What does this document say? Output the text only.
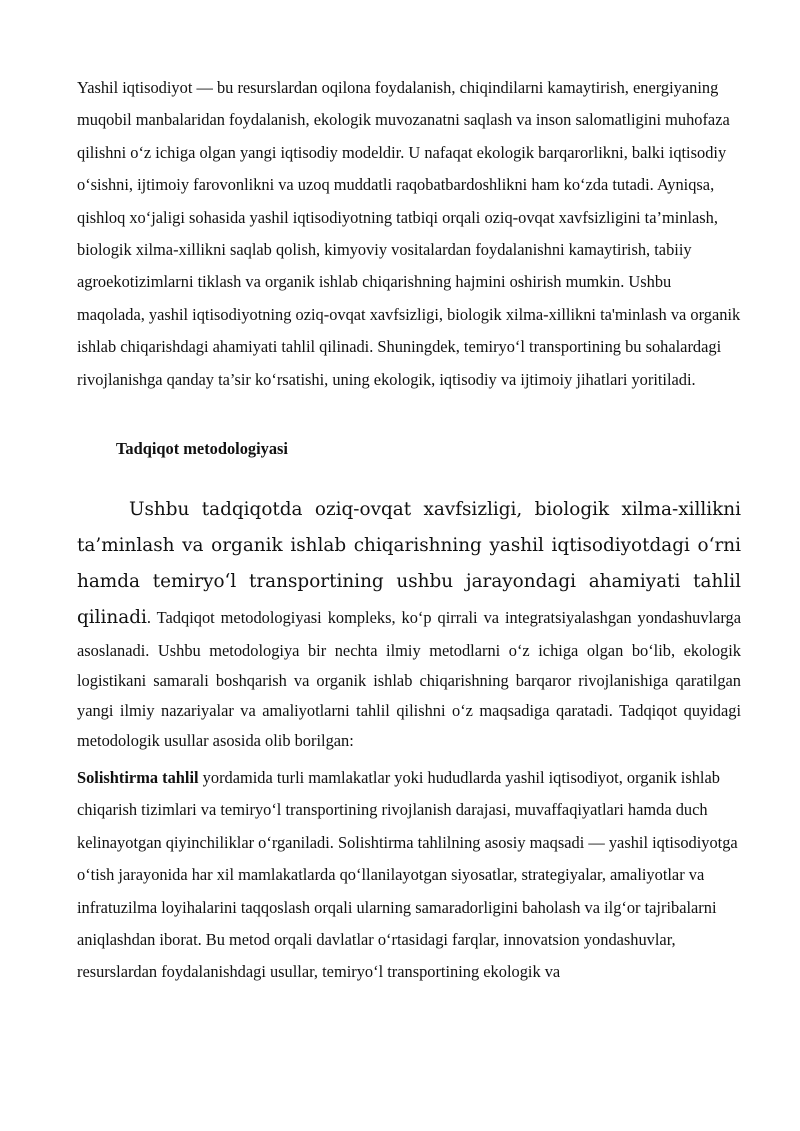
Yashil iqtisodiyot — bu resurslardan oqilona foydalanish, chiqindilarni kamaytirish, energiyaning muqobil manbalaridan foydalanish, ekologik muvozanatni saqlash va inson salomatligini muhofaza qilishni o‘z ichiga olgan yangi iqtisodiy modeldir. U nafaqat ekologik barqarorlikni, balki iqtisodiy o‘sishni, ijtimoiy farovonlikni va uzoq muddatli raqobatbardoshlikni ham ko‘zda tutadi. Ayniqsa, qishloq xo‘jaligi sohasida yashil iqtisodiyotning tatbiqi orqali oziq-ovqat xavfsizligini ta’minlash, biologik xilma-xillikni saqlab qolish, kimyoviy vositalardan foydalanishni kamaytirish, tabiiy agroekotizimlarni tiklash va organik ishlab chiqarishning hajmini oshirish mumkin. Ushbu maqolada, yashil iqtisodiyotning oziq-ovqat xavfsizligi, biologik xilma-xillikni ta'minlash va organik ishlab chiqarishdagi ahamiyati tahlil qilinadi. Shuningdek, temiryo‘l transportining bu sohalardagi rivojlanishga qanday ta’sir ko‘rsatishi, uning ekologik, iqtisodiy va ijtimoiy jihatlari yoritiladi.

Tadqiqot metodologiyasi

Ushbu tadqiqotda oziq-ovqat xavfsizligi, biologik xilma-xillikni ta’minlash va organik ishlab chiqarishning yashil iqtisodiyotdagi o‘rni hamda temiryo‘l transportining ushbu jarayondagi ahamiyati tahlil qilinadi. Tadqiqot metodologiyasi kompleks, ko‘p qirrali va integratsiyalashgan yondashuvlarga asoslanadi. Ushbu metodologiya bir nechta ilmiy metodlarni o‘z ichiga olgan bo‘lib, ekologik logistikani samarali boshqarish va organik ishlab chiqarishning barqaror rivojlanishiga qaratilgan yangi ilmiy nazariyalar va amaliyotlarni tahlil qilishni o‘z maqsadiga qaratadi. Tadqiqot quyidagi metodologik usullar asosida olib borilgan:

Solishtirma tahlil yordamida turli mamlakatlar yoki hududlarda yashil iqtisodiyot, organik ishlab chiqarish tizimlari va temiryo‘l transportining rivojlanish darajasi, muvaffaqiyatlari hamda duch kelinayotgan qiyinchiliklar o‘rganiladi. Solishtirma tahlilning asosiy maqsadi — yashil iqtisodiyotga o‘tish jarayonida har xil mamlakatlarda qo‘llanilayotgan siyosatlar, strategiyalar, amaliyotlar va infratuzilma loyihalarini taqqoslash orqali ularning samaradorligini baholash va ilg‘or tajribalarni aniqlashdan iborat. Bu metod orqali davlatlar o‘rtasidagi farqlar, innovatsion yondashuvlar, resurslardan foydalanishdagi usullar, temiryo‘l transportining ekologik va
